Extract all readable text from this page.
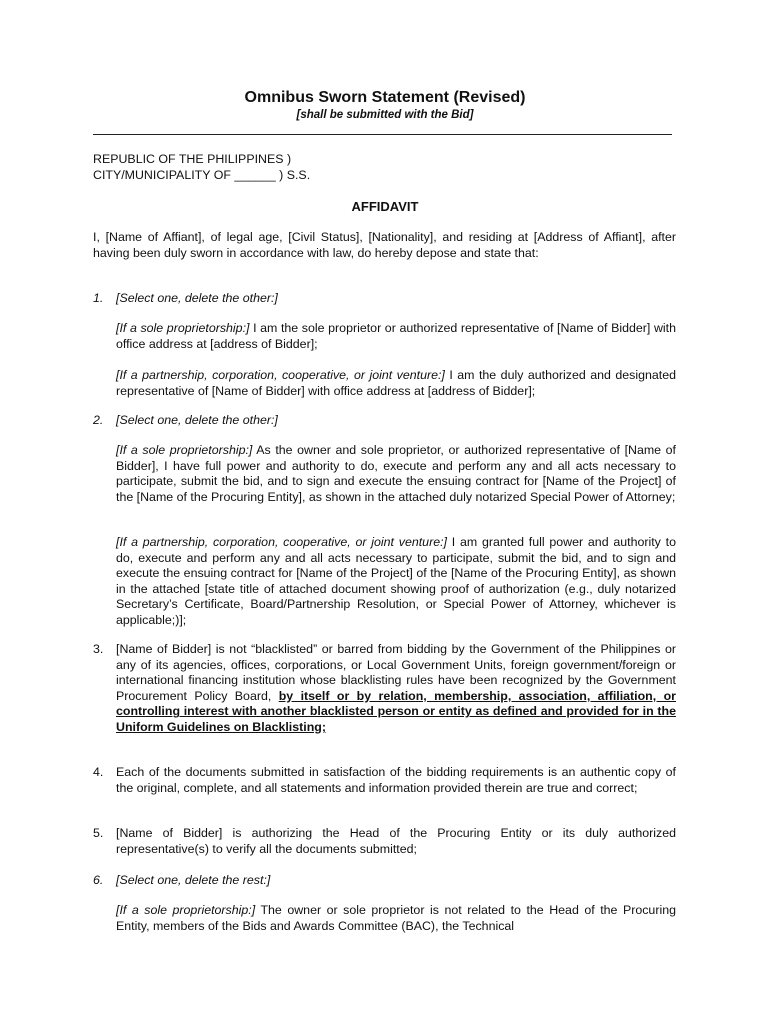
Omnibus Sworn Statement (Revised)
[shall be submitted with the Bid]
REPUBLIC OF THE PHILIPPINES )
CITY/MUNICIPALITY OF ______ ) S.S.
AFFIDAVIT
I, [Name of Affiant], of legal age, [Civil Status], [Nationality], and residing at [Address of Affiant], after having been duly sworn in accordance with law, do hereby depose and state that:
1.	[Select one, delete the other:]
[If a sole proprietorship:] I am the sole proprietor or authorized representative of [Name of Bidder] with office address at [address of Bidder];
[If a partnership, corporation, cooperative, or joint venture:] I am the duly authorized and designated representative of [Name of Bidder] with office address at [address of Bidder];
2.	[Select one, delete the other:]
[If a sole proprietorship:] As the owner and sole proprietor, or authorized representative of [Name of Bidder], I have full power and authority to do, execute and perform any and all acts necessary to participate, submit the bid, and to sign and execute the ensuing contract for [Name of the Project] of the [Name of the Procuring Entity], as shown in the attached duly notarized Special Power of Attorney;
[If a partnership, corporation, cooperative, or joint venture:] I am granted full power and authority to do, execute and perform any and all acts necessary to participate, submit the bid, and to sign and execute the ensuing contract for [Name of the Project] of the [Name of the Procuring Entity], as shown in the attached [state title of attached document showing proof of authorization (e.g., duly notarized Secretary’s Certificate, Board/Partnership Resolution, or Special Power of Attorney, whichever is applicable;)];
3.	[Name of Bidder] is not “blacklisted” or barred from bidding by the Government of the Philippines or any of its agencies, offices, corporations, or Local Government Units, foreign government/foreign or international financing institution whose blacklisting rules have been recognized by the Government Procurement Policy Board, by itself or by relation, membership, association, affiliation, or controlling interest with another blacklisted person or entity as defined and provided for in the Uniform Guidelines on Blacklisting;
4.	Each of the documents submitted in satisfaction of the bidding requirements is an authentic copy of the original, complete, and all statements and information provided therein are true and correct;
5.	[Name of Bidder] is authorizing the Head of the Procuring Entity or its duly authorized representative(s) to verify all the documents submitted;
6.	[Select one, delete the rest:]
[If a sole proprietorship:] The owner or sole proprietor is not related to the Head of the Procuring Entity, members of the Bids and Awards Committee (BAC), the Technical
